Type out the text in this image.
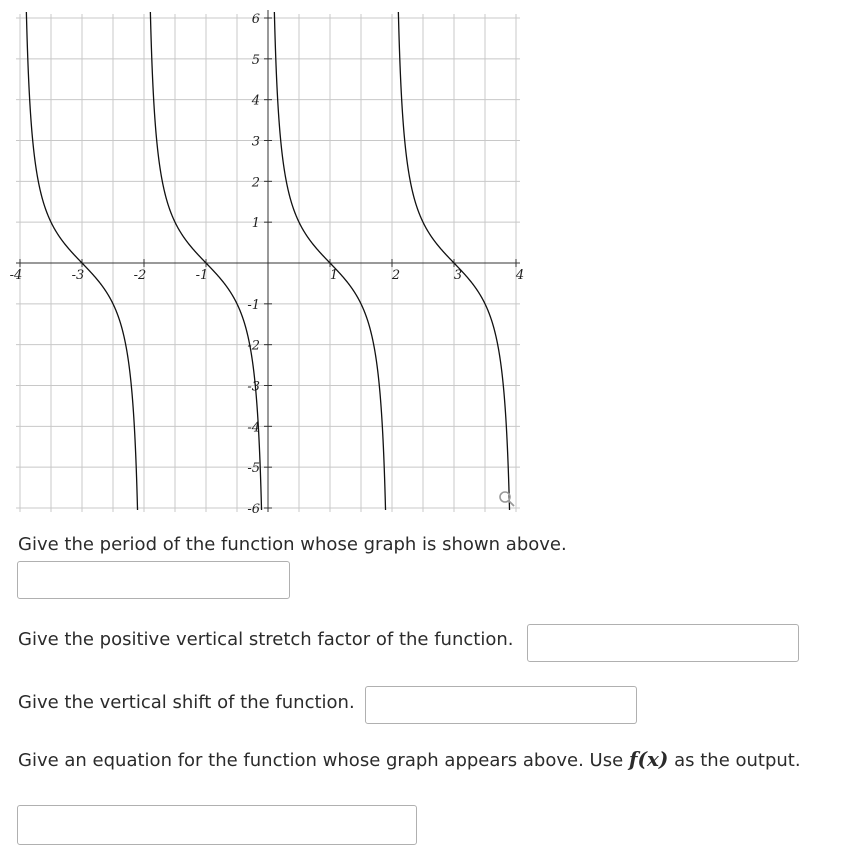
-4	-3	-2	-1	1	2	3	4
6
5
4
3
2
1
-1
-2
-3
-4
-5
-6
Give the period of the function whose graph is shown above.
Give the positive vertical stretch factor of the function.
Give the vertical shift of the function.
Give an equation for the function whose graph appears above. Use f(x) as the output.
